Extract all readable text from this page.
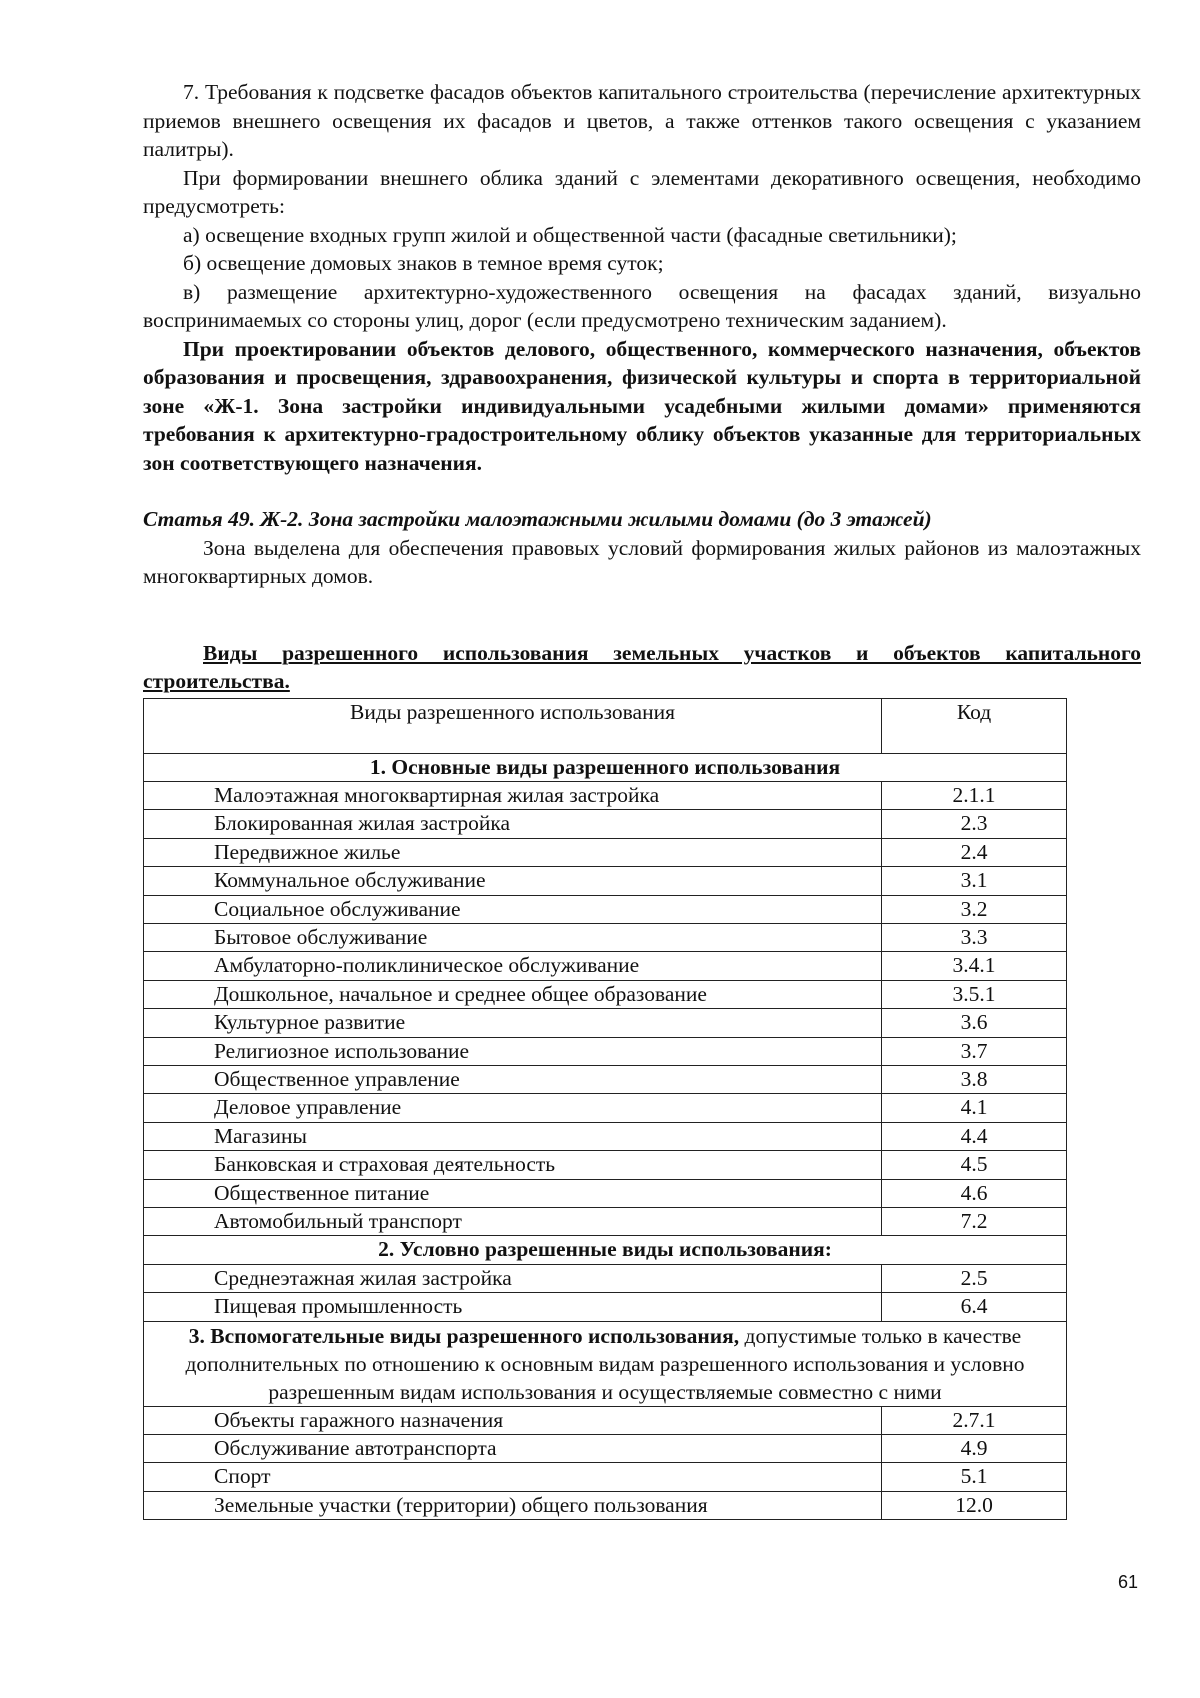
7. Требования к подсветке фасадов объектов капитального строительства (перечисление архитектурных приемов внешнего освещения их фасадов и цветов, а также оттенков такого освещения с указанием палитры).

При формировании внешнего облика зданий с элементами декоративного освещения, необходимо предусмотреть:

а) освещение входных групп жилой и общественной части (фасадные светильники);

б) освещение домовых знаков в темное время суток;

в) размещение архитектурно-художественного освещения на фасадах зданий, визуально воспринимаемых со стороны улиц, дорог (если предусмотрено техническим заданием).

При проектировании объектов делового, общественного, коммерческого назначения, объектов образования и просвещения, здравоохранения, физической культуры и спорта в территориальной зоне «Ж-1. Зона застройки индивидуальными усадебными жилыми домами» применяются требования к архитектурно-градостроительному облику объектов указанные для территориальных зон соответствующего назначения.

Статья 49. Ж-2. Зона застройки малоэтажными жилыми домами (до 3 этажей)

Зона выделена для обеспечения правовых условий формирования жилых районов из малоэтажных многоквартирных домов.

Виды разрешенного использования земельных участков и объектов капитального строительства.

Виды разрешенного использования	Код
1. Основные виды разрешенного использования	
Малоэтажная многоквартирная жилая застройка	2.1.1
Блокированная жилая застройка	2.3
Передвижное жилье	2.4
Коммунальное обслуживание	3.1
Социальное обслуживание	3.2
Бытовое обслуживание	3.3
Амбулаторно-поликлиническое обслуживание	3.4.1
Дошкольное, начальное и среднее общее образование	3.5.1
Культурное развитие	3.6
Религиозное использование	3.7
Общественное управление	3.8
Деловое управление	4.1
Магазины	4.4
Банковская и страховая деятельность	4.5
Общественное питание	4.6
Автомобильный транспорт	7.2
2. Условно разрешенные виды использования:	
Среднеэтажная жилая застройка	2.5
Пищевая промышленность	6.4
3. Вспомогательные виды разрешенного использования, допустимые только в качестве дополнительных по отношению к основным видам разрешенного использования и условно разрешенным видам использования и осуществляемые совместно с ними	
Объекты гаражного назначения	2.7.1
Обслуживание автотранспорта	4.9
Спорт	5.1
Земельные участки (территории) общего пользования	12.0
61
